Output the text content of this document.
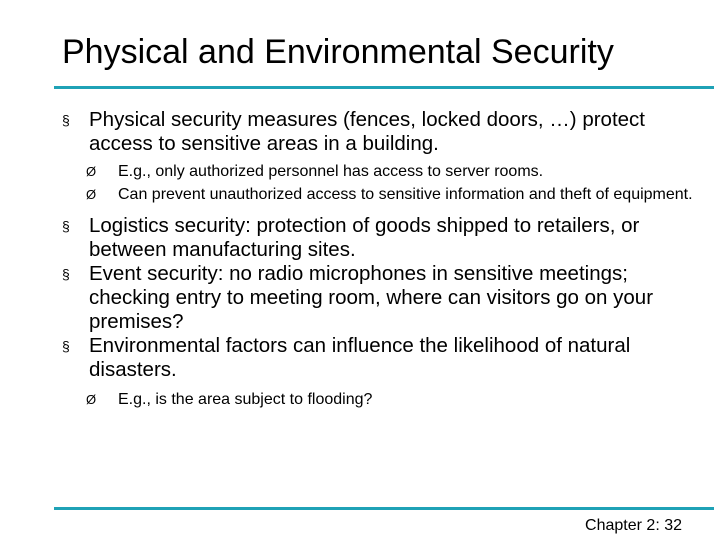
Physical and Environmental Security
§ Physical security measures (fences, locked doors, …) protect access to sensitive areas in a building.
Ø E.g., only authorized personnel has access to server rooms.
Ø Can prevent unauthorized access to sensitive information and theft of equipment.
§ Logistics security: protection of goods shipped to retailers, or between manufacturing sites.
§ Event security: no radio microphones in sensitive meetings; checking entry to meeting room, where can visitors go on your premises?
§ Environmental factors can influence the likelihood of natural disasters.
Ø E.g., is the area subject to flooding?
Chapter 2: 32
